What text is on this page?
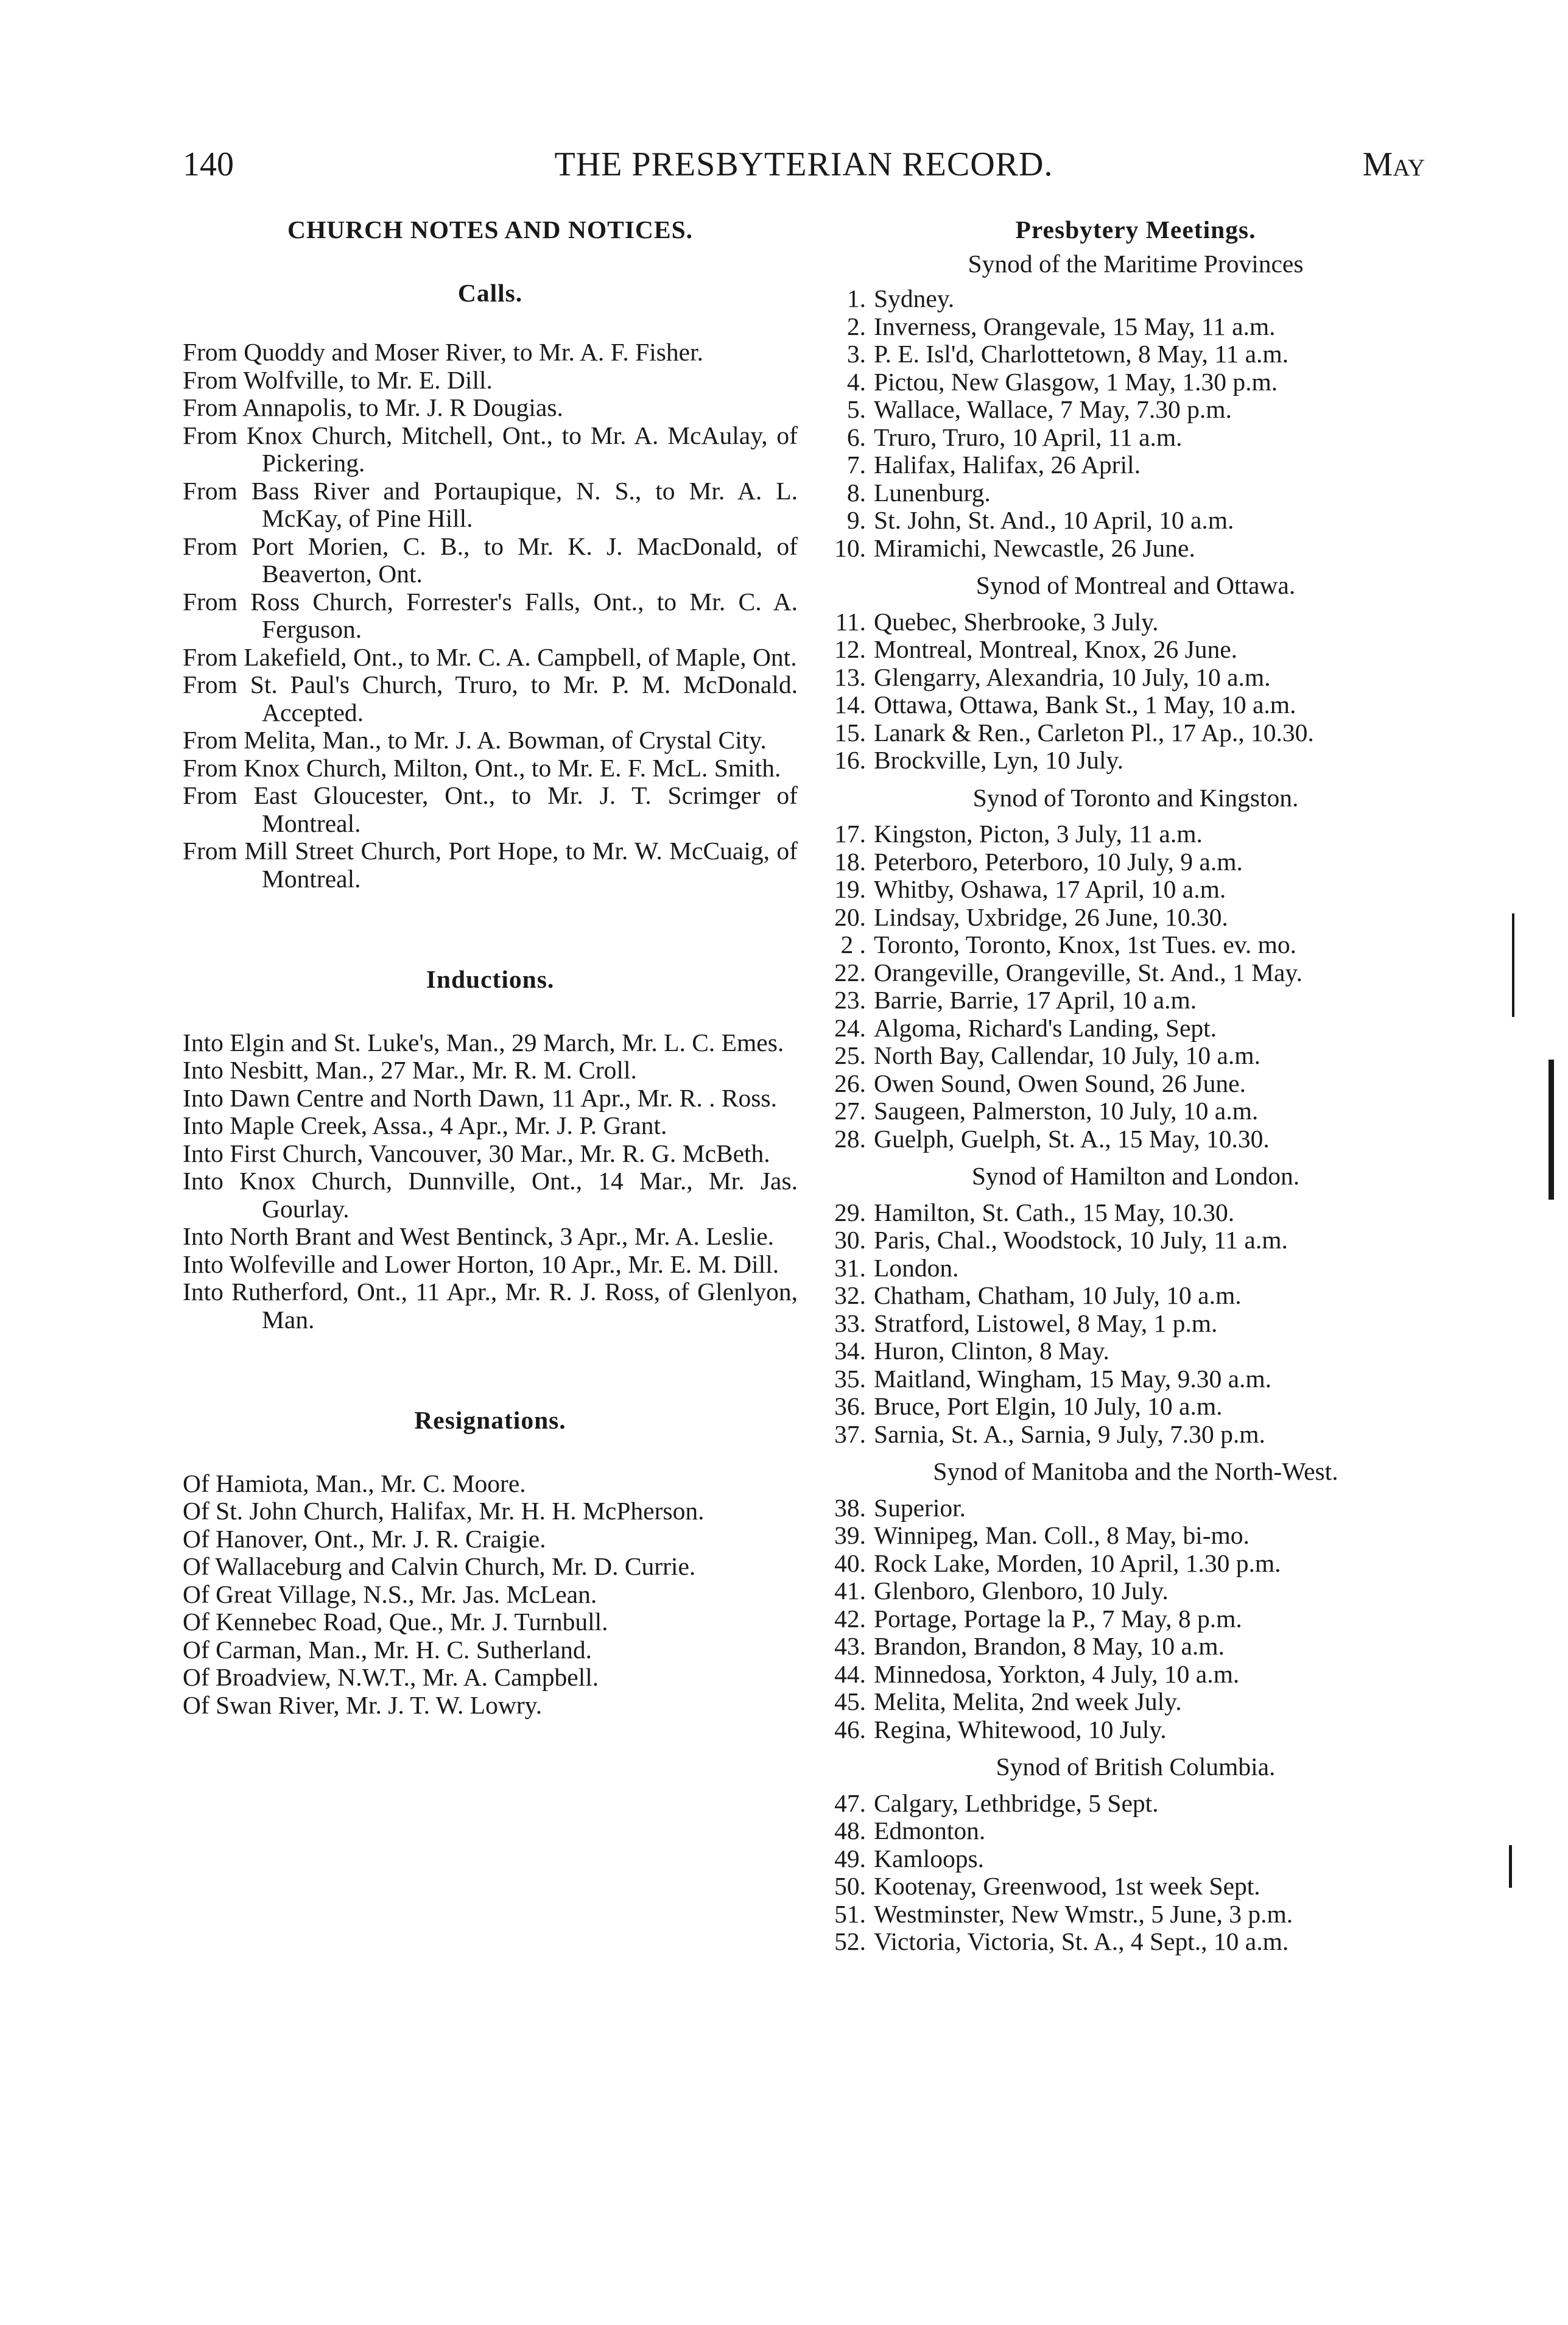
140	THE PRESBYTERIAN RECORD.	May
CHURCH NOTES AND NOTICES.
Calls.
From Quoddy and Moser River, to Mr. A. F. Fisher.
From Wolfville, to Mr. E. Dill.
From Annapolis, to Mr. J. R Dougias.
From Knox Church, Mitchell, Ont., to Mr. A. McAulay, of Pickering.
From Bass River and Portaupique, N. S., to Mr. A. L. McKay, of Pine Hill.
From Port Morien, C. B., to Mr. K. J. MacDonald, of Beaverton, Ont.
From Ross Church, Forrester's Falls, Ont., to Mr. C. A. Ferguson.
From Lakefield, Ont., to Mr. C. A. Campbell, of Maple, Ont.
From St. Paul's Church, Truro, to Mr. P. M. McDonald. Accepted.
From Melita, Man., to Mr. J. A. Bowman, of Crystal City.
From Knox Church, Milton, Ont., to Mr. E. F. McL. Smith.
From East Gloucester, Ont., to Mr. J. T. Scrimger of Montreal.
From Mill Street Church, Port Hope, to Mr. W. McCuaig, of Montreal.
Inductions.
Into Elgin and St. Luke's, Man., 29 March, Mr. L. C. Emes.
Into Nesbitt, Man., 27 Mar., Mr. R. M. Croll.
Into Dawn Centre and North Dawn, 11 Apr., Mr. R. . Ross.
Into Maple Creek, Assa., 4 Apr., Mr. J. P. Grant.
Into First Church, Vancouver, 30 Mar., Mr. R. G. McBeth.
Into Knox Church, Dunnville, Ont., 14 Mar., Mr. Jas. Gourlay.
Into North Brant and West Bentinck, 3 Apr., Mr. A. Leslie.
Into Wolfeville and Lower Horton, 10 Apr., Mr. E. M. Dill.
Into Rutherford, Ont., 11 Apr., Mr. R. J. Ross, of Glenlyon, Man.
Resignations.
Of Hamiota, Man., Mr. C. Moore.
Of St. John Church, Halifax, Mr. H. H. McPherson.
Of Hanover, Ont., Mr. J. R. Craigie.
Of Wallaceburg and Calvin Church, Mr. D. Currie.
Of Great Village, N.S., Mr. Jas. McLean.
Of Kennebec Road, Que., Mr. J. Turnbull.
Of Carman, Man., Mr. H. C. Sutherland.
Of Broadview, N.W.T., Mr. A. Campbell.
Of Swan River, Mr. J. T. W. Lowry.
Presbytery Meetings.
Synod of the Maritime Provinces
1. Sydney.
2. Inverness, Orangevale, 15 May, 11 a.m.
3. P. E. Isl'd, Charlottetown, 8 May, 11 a.m.
4. Pictou, New Glasgow, 1 May, 1.30 p.m.
5. Wallace, Wallace, 7 May, 7.30 p.m.
6. Truro, Truro, 10 April, 11 a.m.
7. Halifax, Halifax, 26 April.
8. Lunenburg.
9. St. John, St. And., 10 April, 10 a.m.
10. Miramichi, Newcastle, 26 June.
Synod of Montreal and Ottawa.
11. Quebec, Sherbrooke, 3 July.
12. Montreal, Montreal, Knox, 26 June.
13. Glengarry, Alexandria, 10 July, 10 a.m.
14. Ottawa, Ottawa, Bank St., 1 May, 10 a.m.
15. Lanark & Ren., Carleton Pl., 17 Ap., 10.30.
16. Brockville, Lyn, 10 July.
Synod of Toronto and Kingston.
17. Kingston, Picton, 3 July, 11 a.m.
18. Peterboro, Peterboro, 10 July, 9 a.m.
19. Whitby, Oshawa, 17 April, 10 a.m.
20. Lindsay, Uxbridge, 26 June, 10.30.
2 . Toronto, Toronto, Knox, 1st Tues. ev. mo.
22. Orangeville, Orangeville, St. And., 1 May.
23. Barrie, Barrie, 17 April, 10 a.m.
24. Algoma, Richard's Landing, Sept.
25. North Bay, Callendar, 10 July, 10 a.m.
26. Owen Sound, Owen Sound, 26 June.
27. Saugeen, Palmerston, 10 July, 10 a.m.
28. Guelph, Guelph, St. A., 15 May, 10.30.
Synod of Hamilton and London.
29. Hamilton, St. Cath., 15 May, 10.30.
30. Paris, Chal., Woodstock, 10 July, 11 a.m.
31. London.
32. Chatham, Chatham, 10 July, 10 a.m.
33. Stratford, Listowel, 8 May, 1 p.m.
34. Huron, Clinton, 8 May.
35. Maitland, Wingham, 15 May, 9.30 a.m.
36. Bruce, Port Elgin, 10 July, 10 a.m.
37. Sarnia, St. A., Sarnia, 9 July, 7.30 p.m.
Synod of Manitoba and the North-West.
38. Superior.
39. Winnipeg, Man. Coll., 8 May, bi-mo.
40. Rock Lake, Morden, 10 April, 1.30 p.m.
41. Glenboro, Glenboro, 10 July.
42. Portage, Portage la P., 7 May, 8 p.m.
43. Brandon, Brandon, 8 May, 10 a.m.
44. Minnedosa, Yorkton, 4 July, 10 a.m.
45. Melita, Melita, 2nd week July.
46. Regina, Whitewood, 10 July.
Synod of British Columbia.
47. Calgary, Lethbridge, 5 Sept.
48. Edmonton.
49. Kamloops.
50. Kootenay, Greenwood, 1st week Sept.
51. Westminster, New Wmstr., 5 June, 3 p.m.
52. Victoria, Victoria, St. A., 4 Sept., 10 a.m.
